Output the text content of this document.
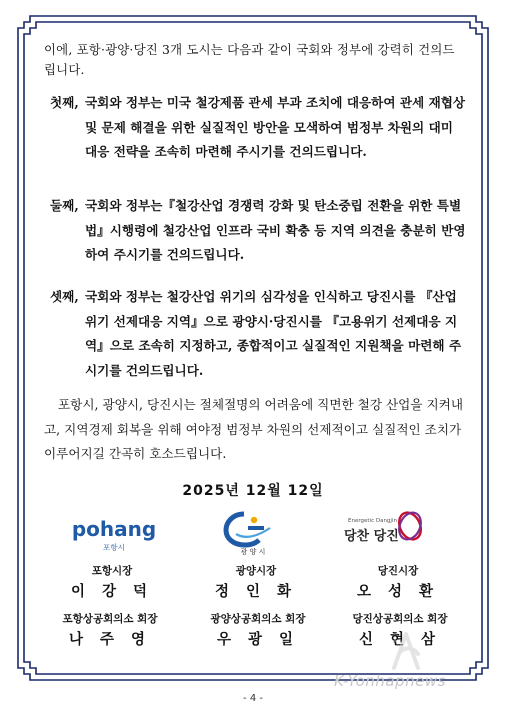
이에, 포항·광양·당진 3개 도시는 다음과 같이 국회와 정부에 강력히 건의드립니다.
첫째, 국회와 정부는 미국 철강제품 관세 부과 조치에 대응하여 관세 재협상 및 문제 해결을 위한 실질적인 방안을 모색하여 범정부 차원의 대미 대응 전략을 조속히 마련해 주시기를 건의드립니다.
둘째, 국회와 정부는『철강산업 경쟁력 강화 및 탄소중립 전환을 위한 특별법』시행령에 철강산업 인프라 국비 확충 등 지역 의견을 충분히 반영하여 주시기를 건의드립니다.
셋째, 국회와 정부는 철강산업 위기의 심각성을 인식하고 당진시를 『산업위기 선제대응 지역』으로 광양시·당진시를 『고용위기 선제대응 지역』으로 조속히 지정하고, 종합적이고 실질적인 지원책을 마련해 주시기를 건의드립니다.
포항시, 광양시, 당진시는 절체절명의 어려움에 직면한 철강 산업을 지켜내고, 지역경제 회복을 위해 여야정 범정부 차원의 선제적이고 실질적인 조치가 이루어지길 간곡히 호소드립니다.
2025년 12월 12일
pohang
포항시	광 양 시
Energetic Dangjin
당찬 당진
포항시장
이 강 덕
광양시장
정 인 화
당진시장
오 성 환
포항상공회의소 회장
나 주 영
광양상공회의소 회장
우 광 일
당진상공회의소 회장
신 현 삼
K-Yonhapnews
- 4 -
